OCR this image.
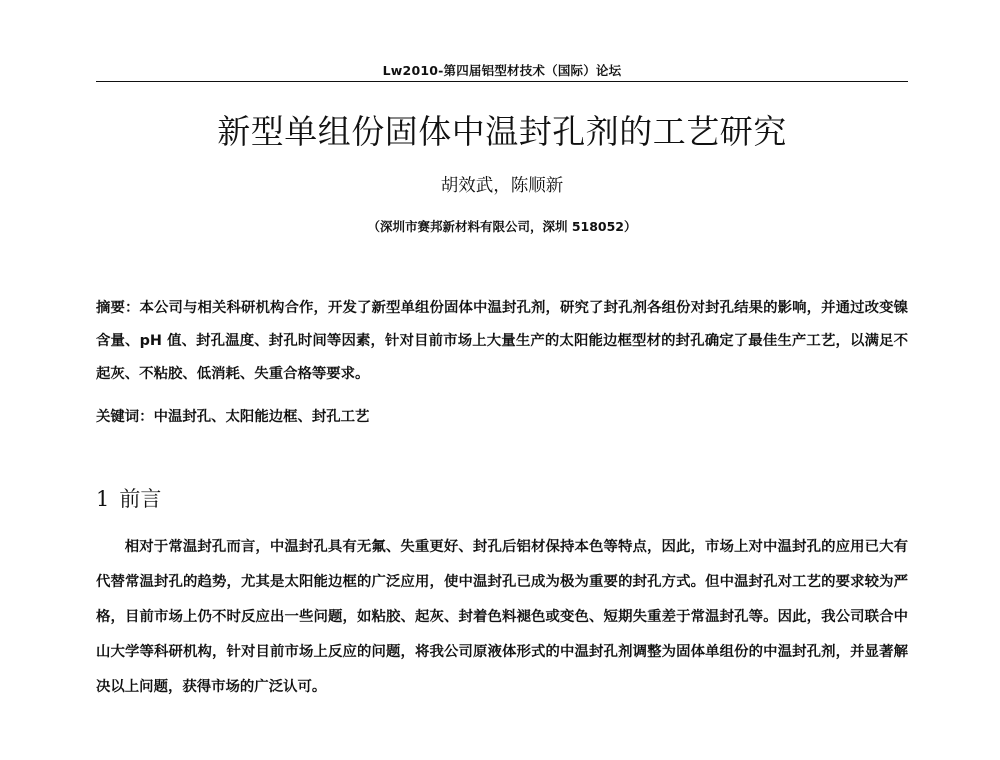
Lw2010-第四届铝型材技术（国际）论坛
新型单组份固体中温封孔剂的工艺研究
胡效武，陈顺新
（深圳市赛邦新材料有限公司，深圳 518052）
摘要：本公司与相关科研机构合作，开发了新型单组份固体中温封孔剂，研究了封孔剂各组份对封孔结果的影响，并通过改变镍含量、pH 值、封孔温度、封孔时间等因素，针对目前市场上大量生产的太阳能边框型材的封孔确定了最佳生产工艺，以满足不起灰、不粘胶、低消耗、失重合格等要求。
关键词：中温封孔、太阳能边框、封孔工艺
1 前言

相对于常温封孔而言，中温封孔具有无氟、失重更好、封孔后铝材保持本色等特点，因此，市场上对中温封孔的应用已大有代替常温封孔的趋势，尤其是太阳能边框的广泛应用，使中温封孔已成为极为重要的封孔方式。但中温封孔对工艺的要求较为严格，目前市场上仍不时反应出一些问题，如粘胶、起灰、封着色料褪色或变色、短期失重差于常温封孔等。因此，我公司联合中山大学等科研机构，针对目前市场上反应的问题，将我公司原液体形式的中温封孔剂调整为固体单组份的中温封孔剂，并显著解决以上问题，获得市场的广泛认可。
